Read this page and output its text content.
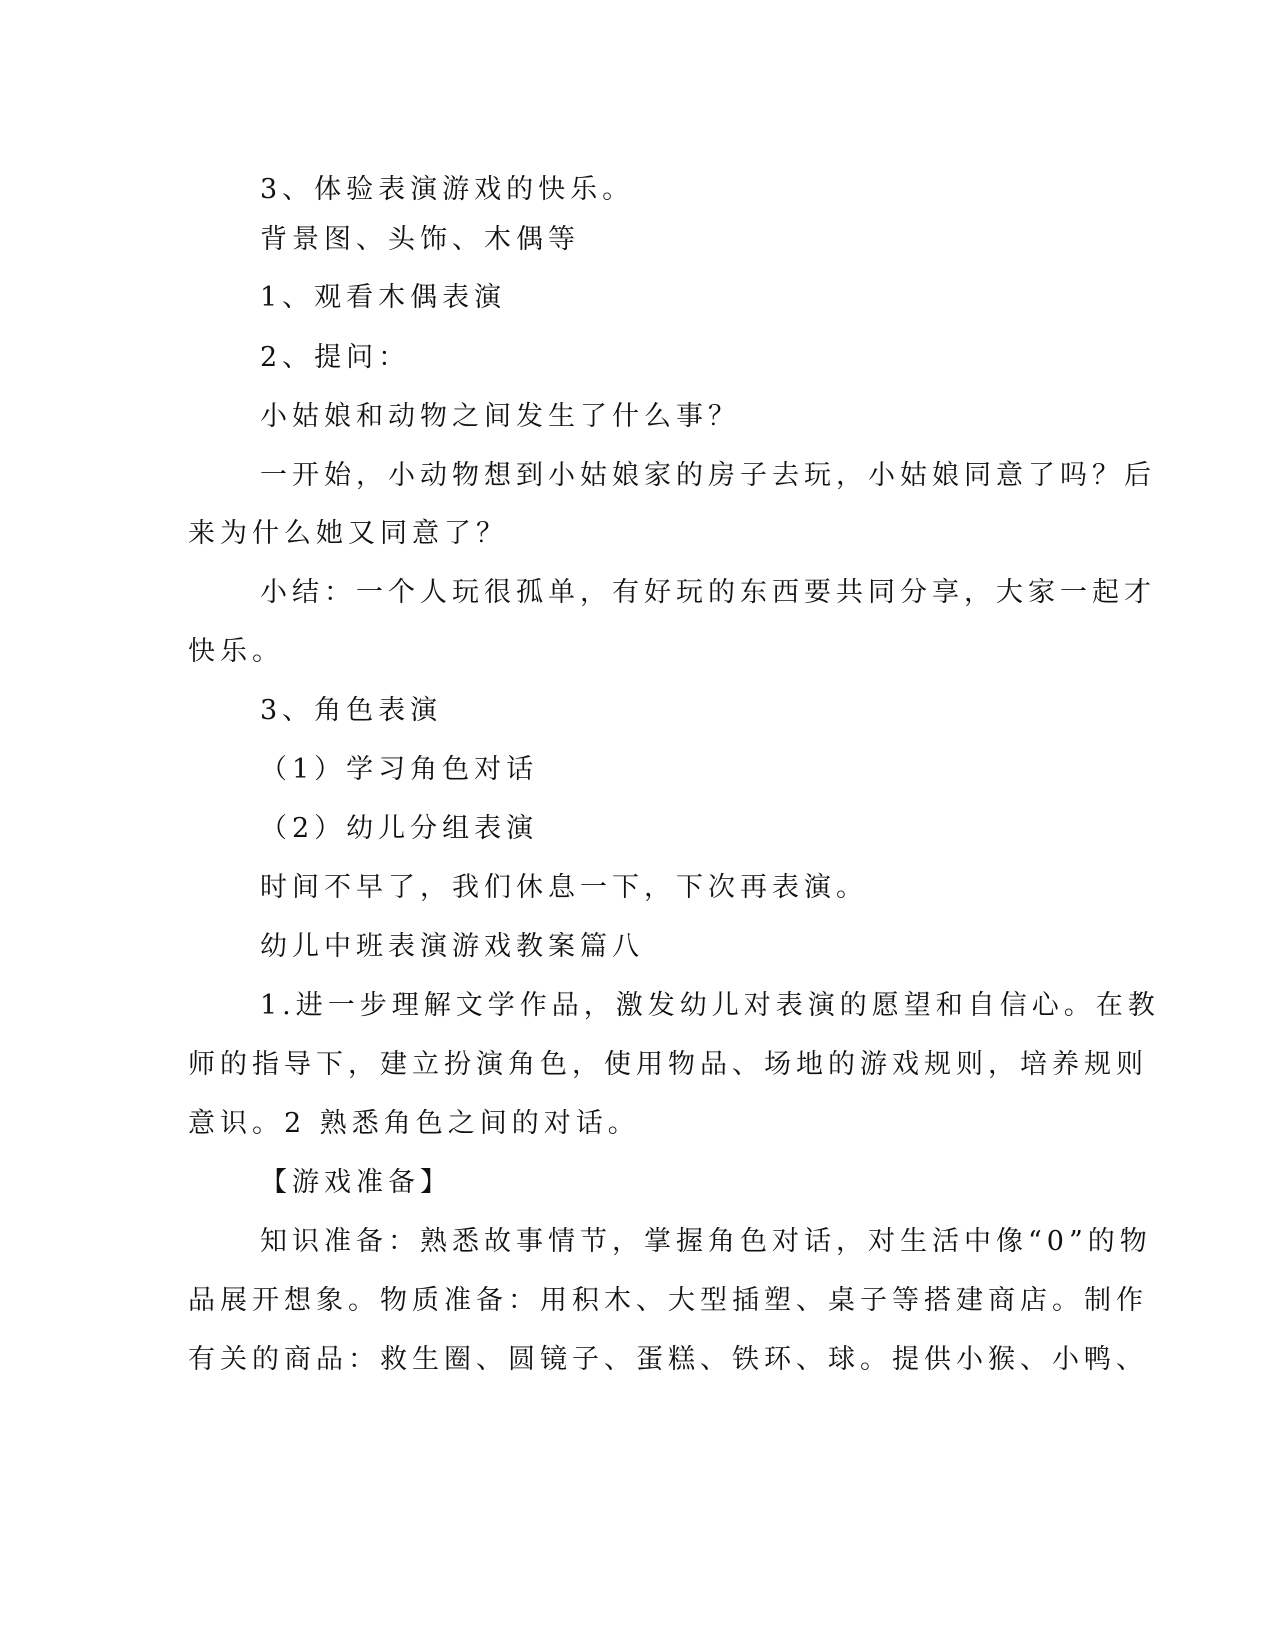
3、体验表演游戏的快乐。

背景图、头饰、木偶等

1、观看木偶表演

2、提问：

小姑娘和动物之间发生了什么事？

一开始，小动物想到小姑娘家的房子去玩，小姑娘同意了吗？后

来为什么她又同意了？

小结：一个人玩很孤单，有好玩的东西要共同分享，大家一起才

快乐。

3、角色表演

（1）学习角色对话

（2）幼儿分组表演

时间不早了，我们休息一下，下次再表演。

幼儿中班表演游戏教案篇八

1.进一步理解文学作品，激发幼儿对表演的愿望和自信心。在教

师的指导下，建立扮演角色，使用物品、场地的游戏规则，培养规则

意识。2 熟悉角色之间的对话。

【游戏准备】

知识准备：熟悉故事情节，掌握角色对话，对生活中像“0”的物

品展开想象。物质准备：用积木、大型插塑、桌子等搭建商店。制作

有关的商品：救生圈、圆镜子、蛋糕、铁环、球。提供小猴、小鸭、
